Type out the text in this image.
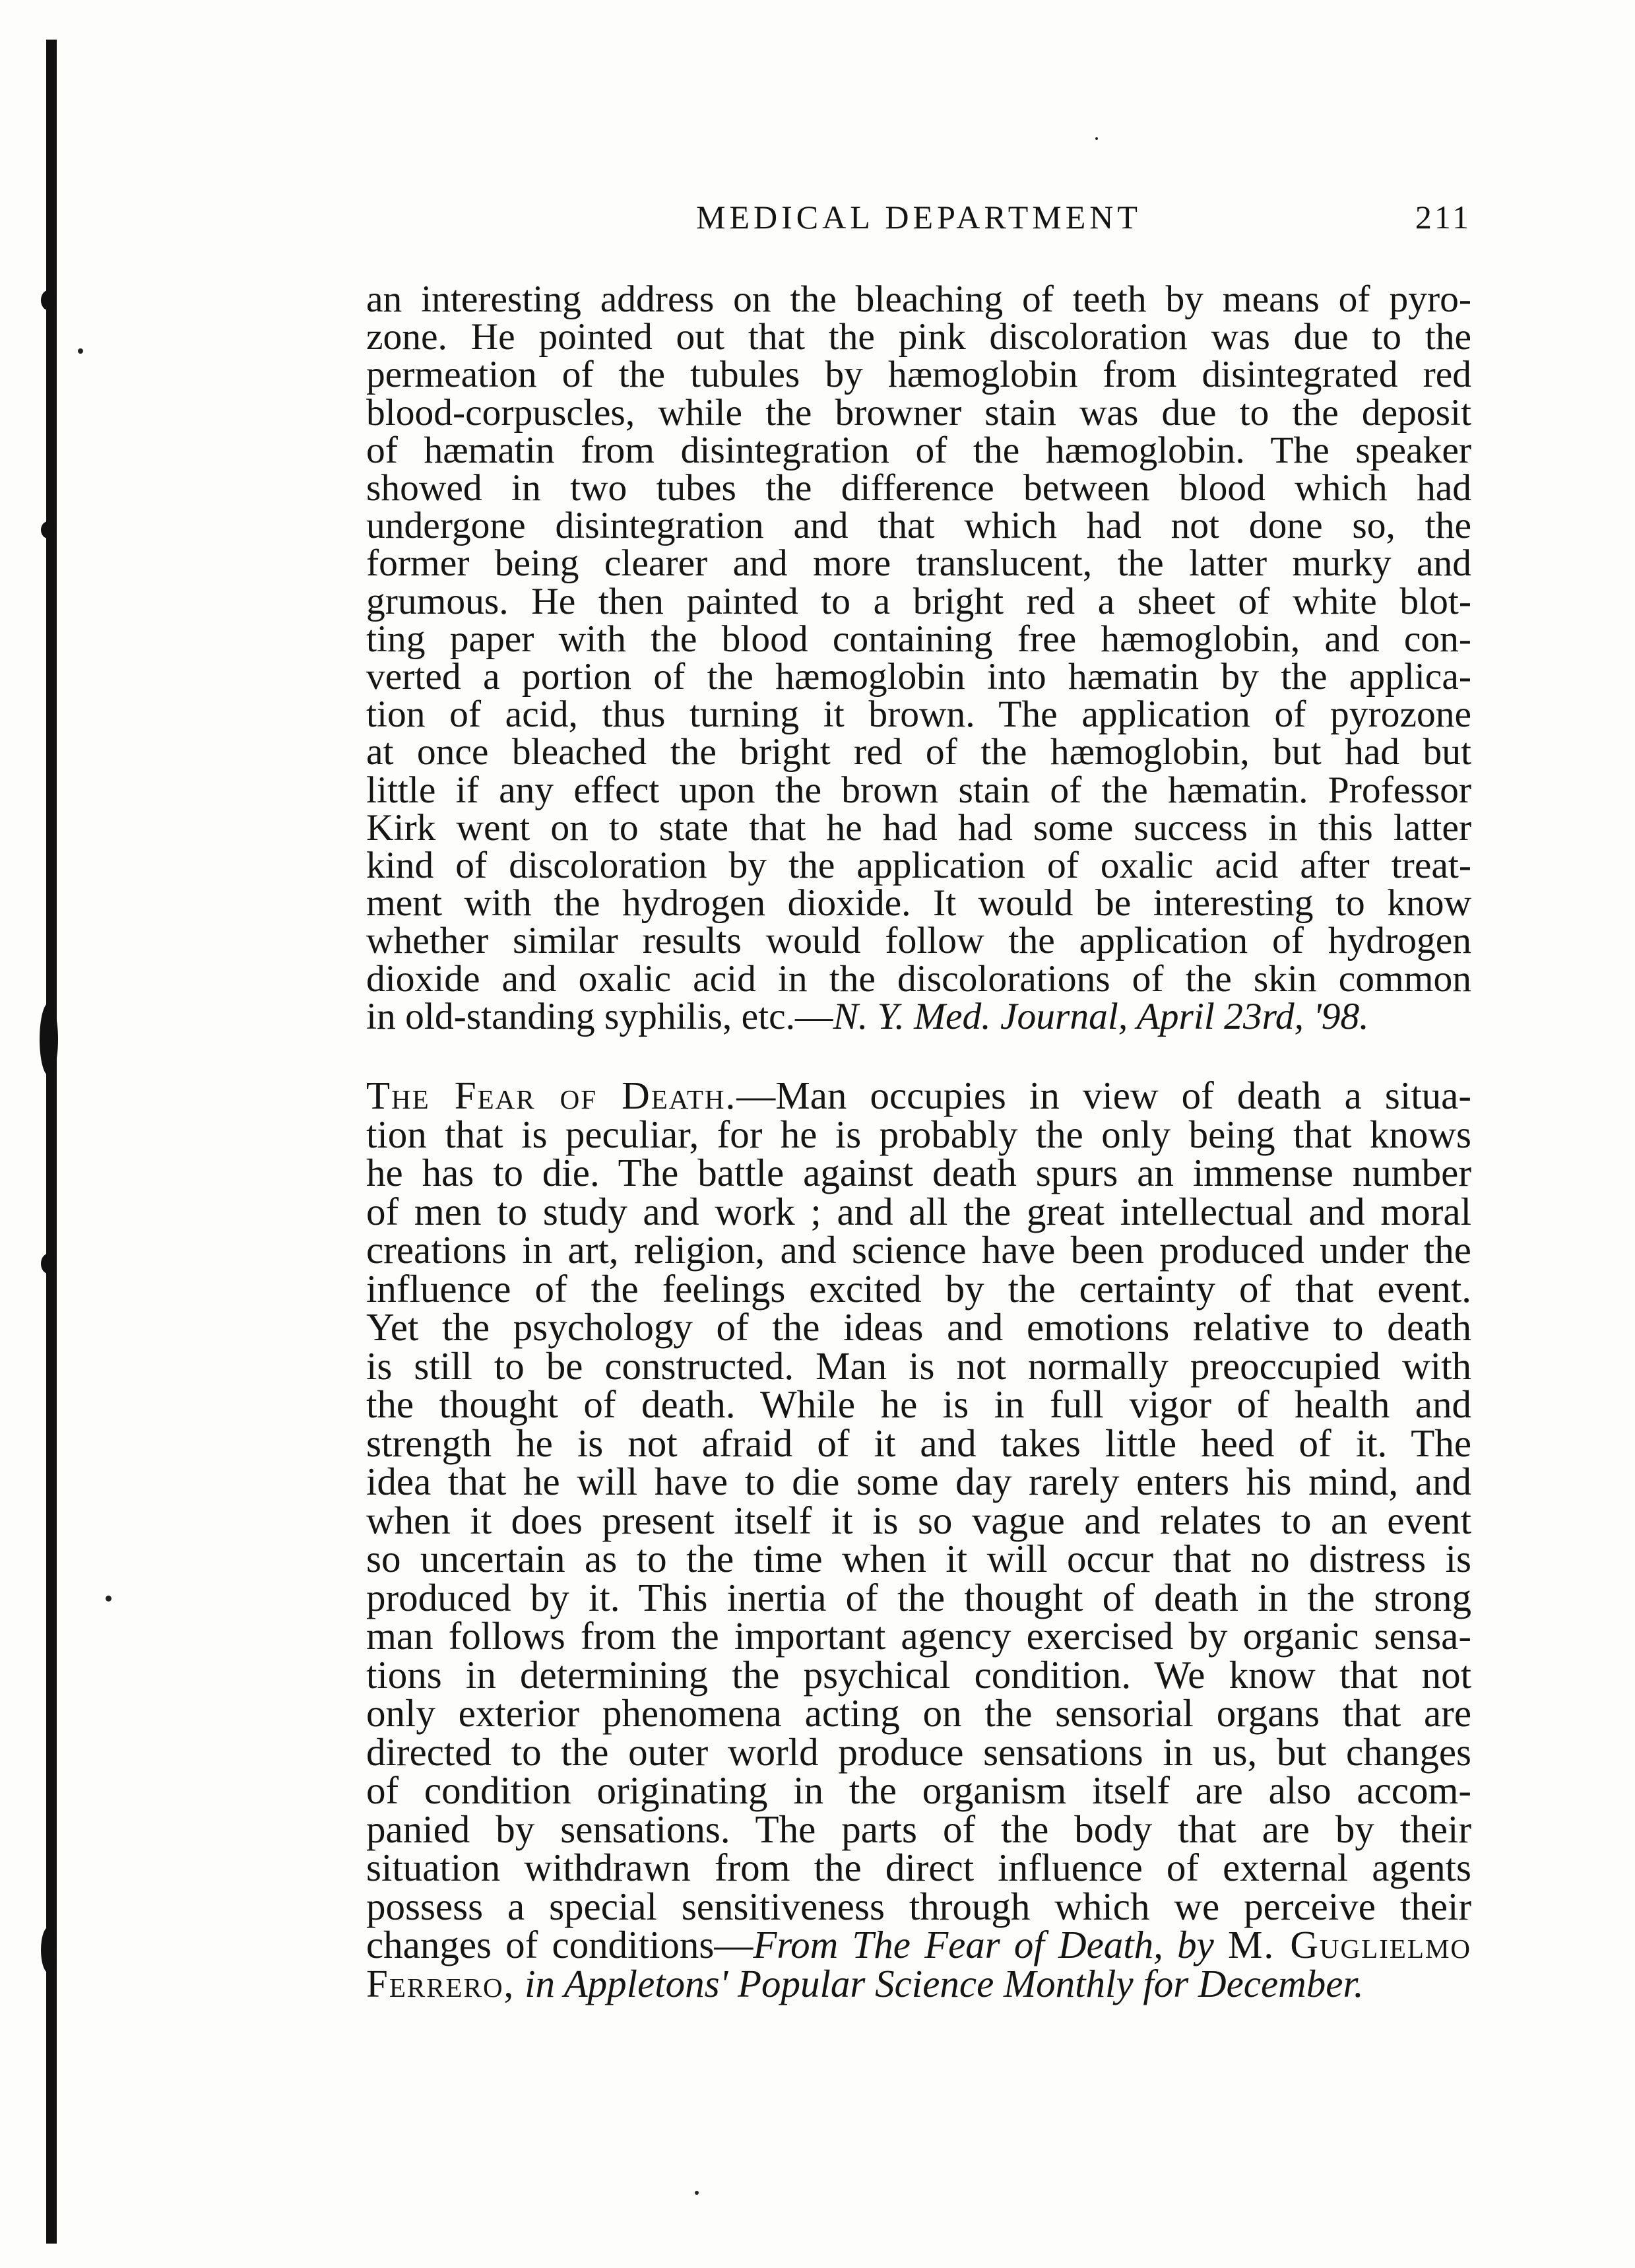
MEDICAL DEPARTMENT	211

an interesting address on the bleaching of teeth by means of pyro-

zone. He pointed out that the pink discoloration was due to the

permeation of the tubules by hæmoglobin from disintegrated red

blood-corpuscles, while the browner stain was due to the deposit

of hæmatin from disintegration of the hæmoglobin. The speaker

showed in two tubes the difference between blood which had

undergone disintegration and that which had not done so, the

former being clearer and more translucent, the latter murky and

grumous. He then painted to a bright red a sheet of white blot-

ting paper with the blood containing free hæmoglobin, and con-

verted a portion of the hæmoglobin into hæmatin by the applica-

tion of acid, thus turning it brown. The application of pyrozone

at once bleached the bright red of the hæmoglobin, but had but

little if any effect upon the brown stain of the hæmatin. Professor

Kirk went on to state that he had had some success in this latter

kind of discoloration by the application of oxalic acid after treat-

ment with the hydrogen dioxide. It would be interesting to know

whether similar results would follow the application of hydrogen

dioxide and oxalic acid in the discolorations of the skin common

in old-standing syphilis, etc.—N. Y. Med. Journal, April 23rd, '98.

The Fear of Death.—Man occupies in view of death a situa-

tion that is peculiar, for he is probably the only being that knows

he has to die. The battle against death spurs an immense number

of men to study and work ; and all the great intellectual and moral

creations in art, religion, and science have been produced under the

influence of the feelings excited by the certainty of that event.

Yet the psychology of the ideas and emotions relative to death

is still to be constructed. Man is not normally preoccupied with

the thought of death. While he is in full vigor of health and

strength he is not afraid of it and takes little heed of it. The

idea that he will have to die some day rarely enters his mind, and

when it does present itself it is so vague and relates to an event

so uncertain as to the time when it will occur that no distress is

produced by it. This inertia of the thought of death in the strong

man follows from the important agency exercised by organic sensa-

tions in determining the psychical condition. We know that not

only exterior phenomena acting on the sensorial organs that are

directed to the outer world produce sensations in us, but changes

of condition originating in the organism itself are also accom-

panied by sensations. The parts of the body that are by their

situation withdrawn from the direct influence of external agents

possess a special sensitiveness through which we perceive their

changes of conditions—From The Fear of Death, by M. Guglielmo

Ferrero, in Appletons' Popular Science Monthly for December.
